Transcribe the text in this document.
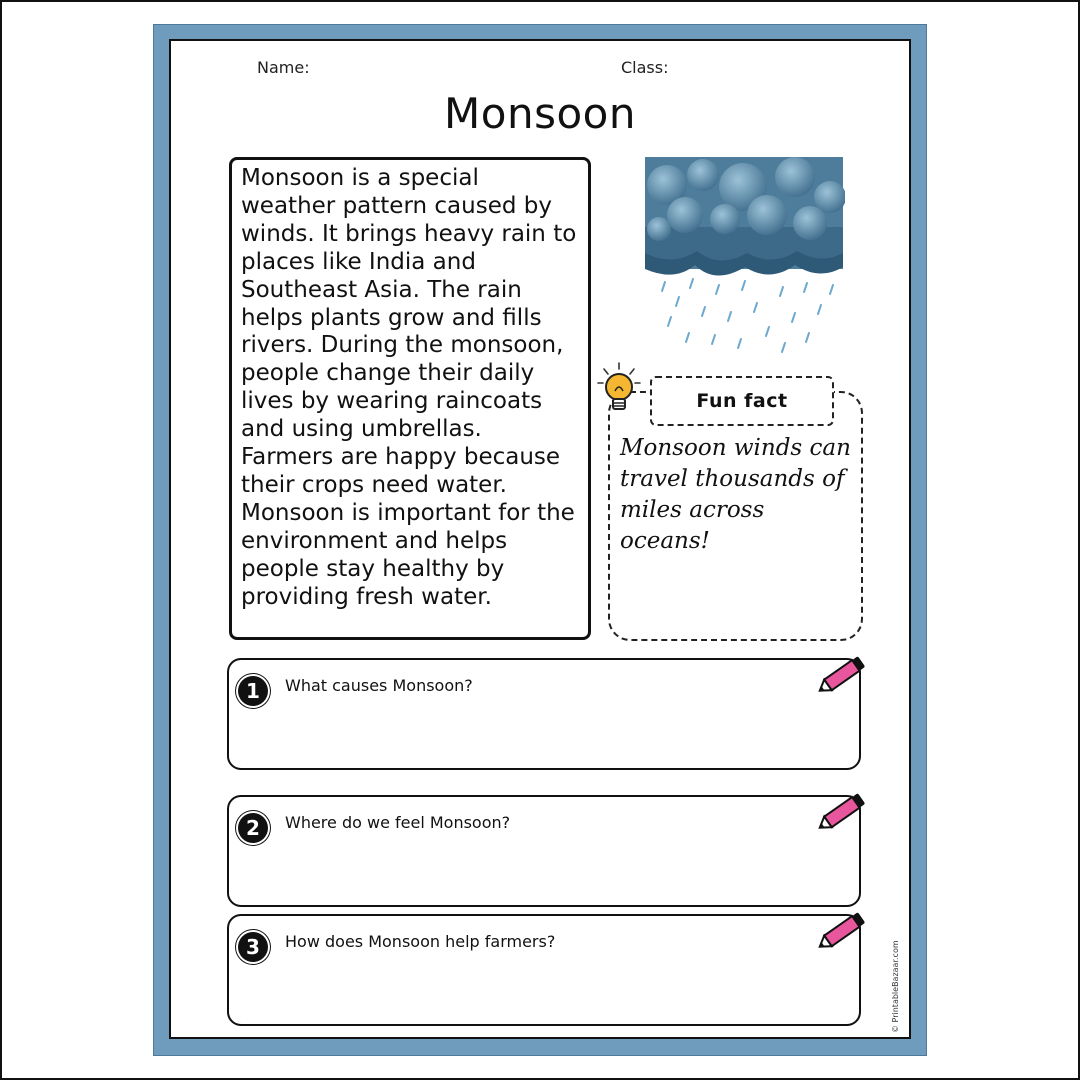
Name:	Class:
Monsoon
Monsoon is a special weather pattern caused by winds. It brings heavy rain to places like India and Southeast Asia. The rain helps plants grow and fills rivers. During the monsoon, people change their daily lives by wearing raincoats and using umbrellas. Farmers are happy because their crops need water. Monsoon is important for the environment and helps people stay healthy by providing fresh water.
Fun fact
Monsoon winds can travel thousands of miles across oceans!
1	What causes Monsoon?
2	Where do we feel Monsoon?
3	How does Monsoon help farmers?	© PrintableBazaar.com
